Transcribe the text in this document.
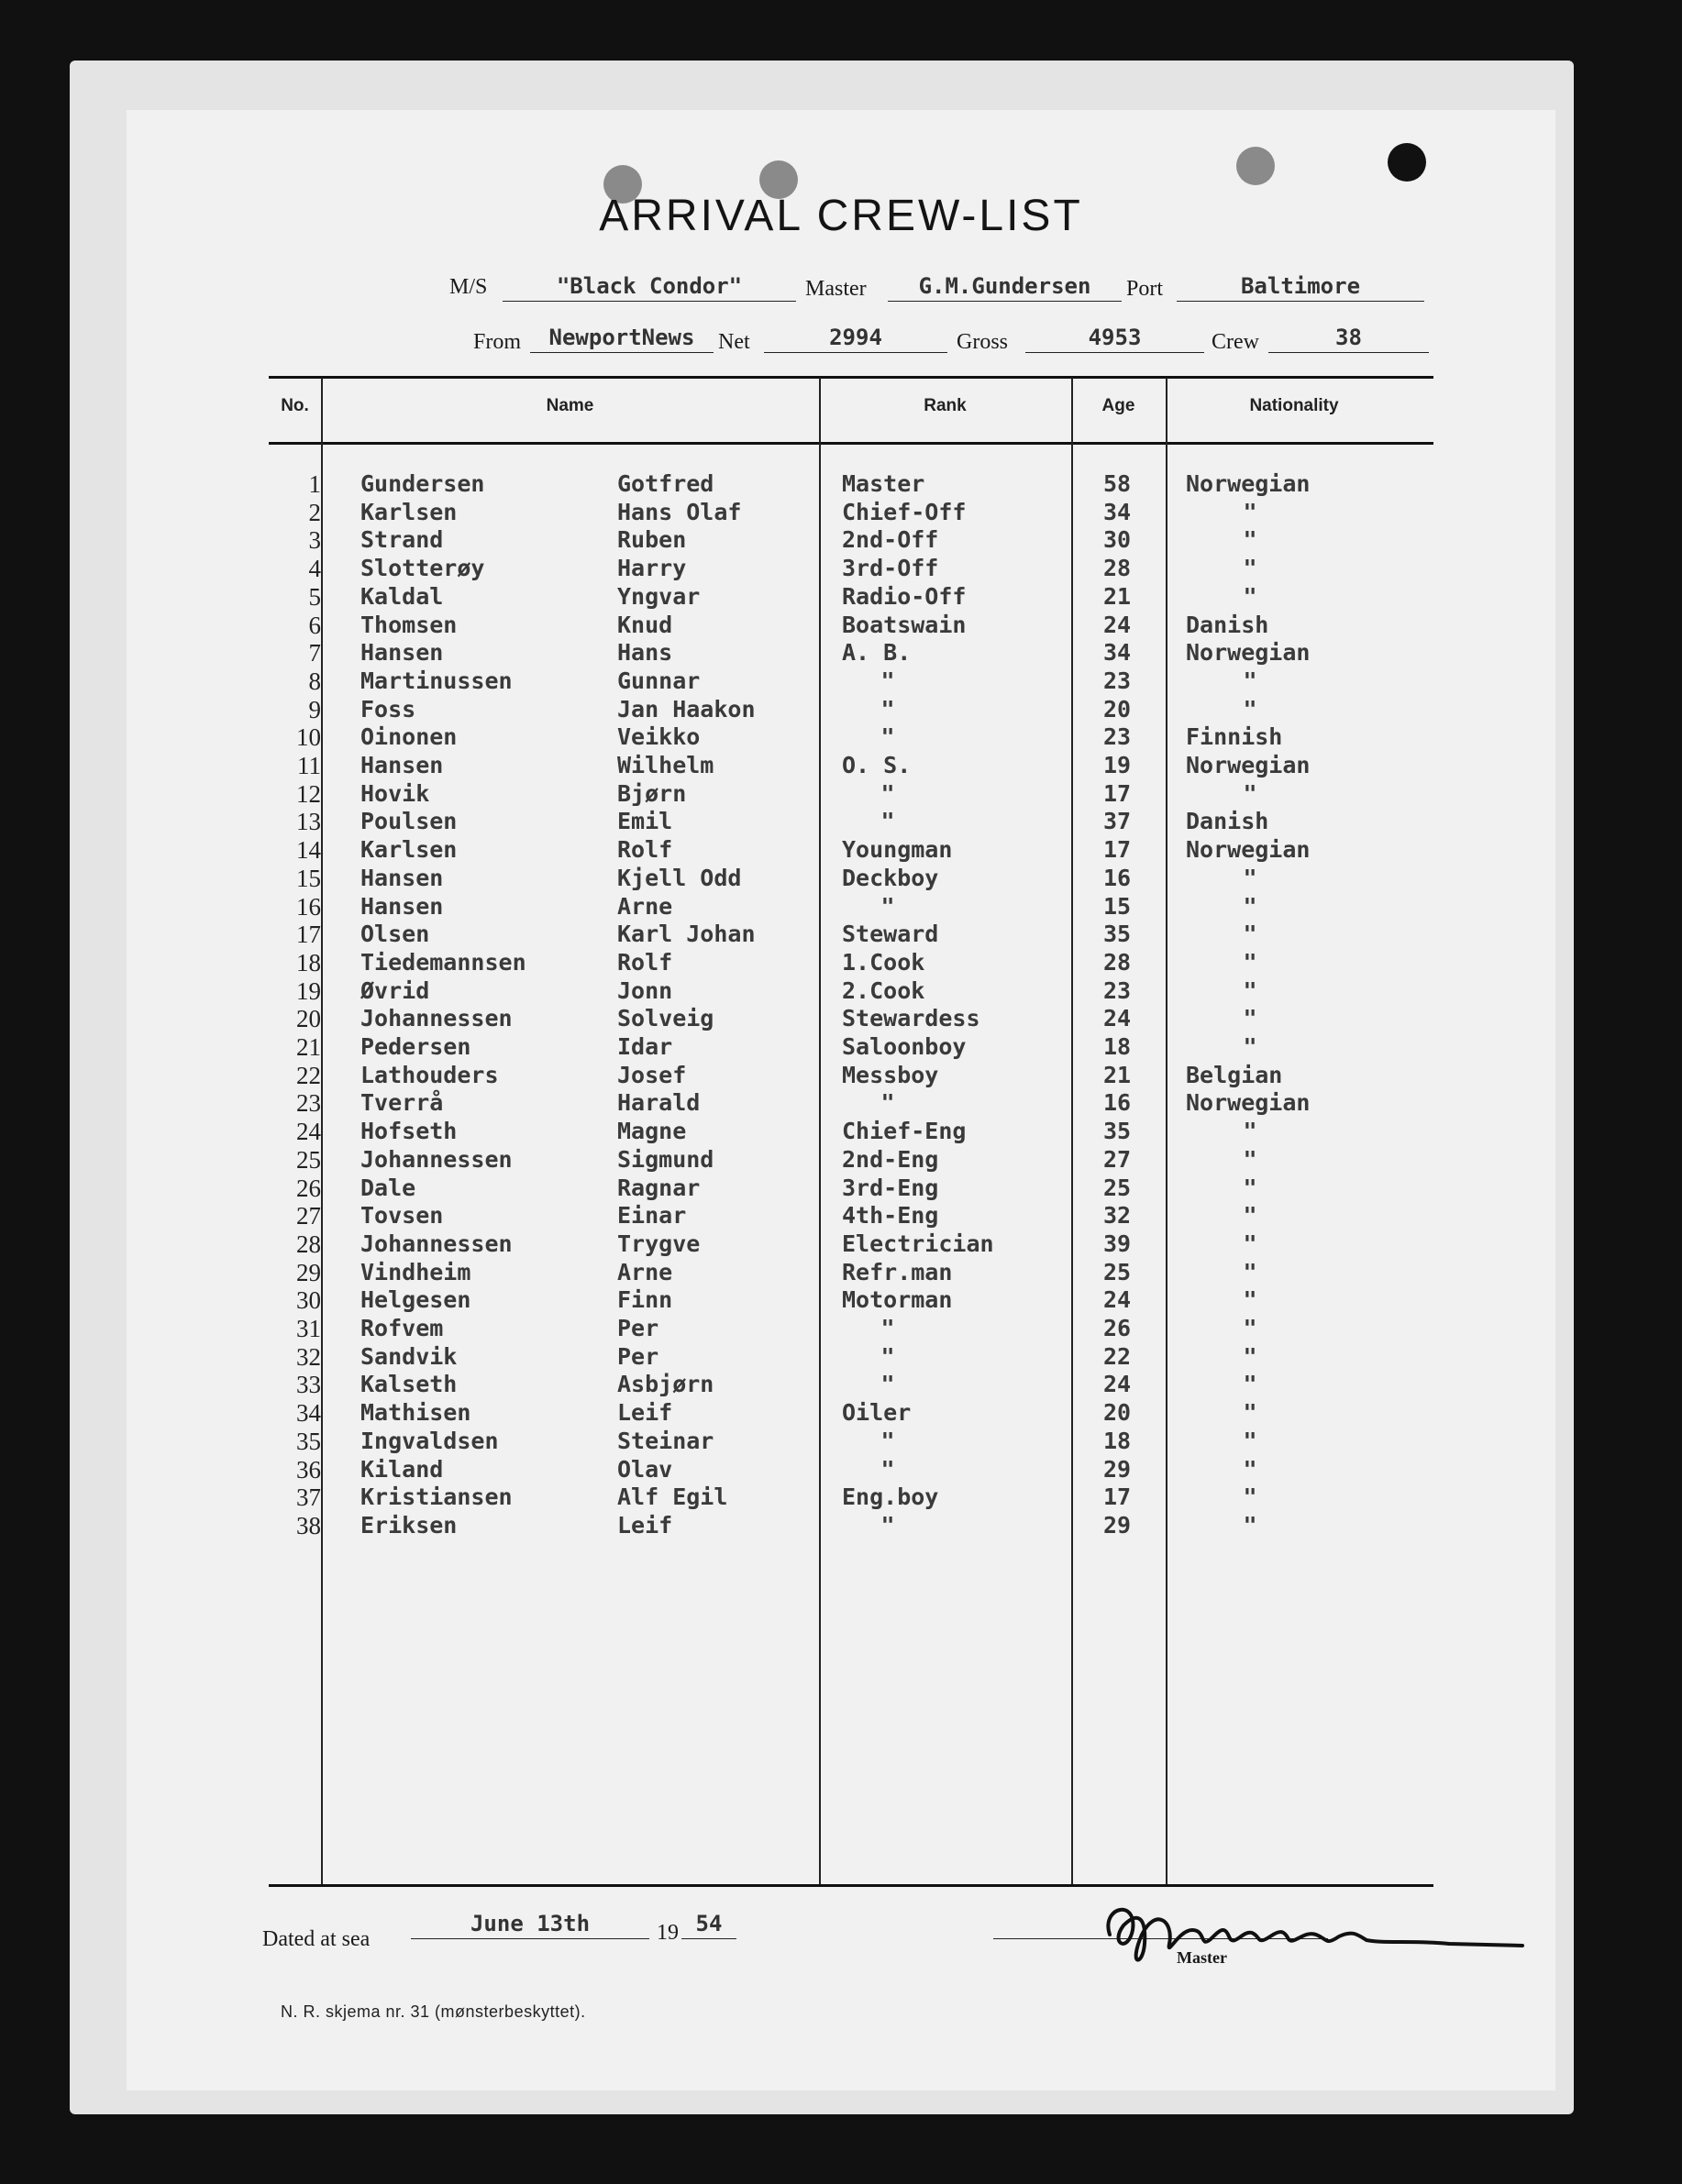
ARRIVAL CREW-LIST
M/S	"Black Condor"	Master	G.M.Gundersen	Port	Baltimore
From	NewportNews	Net	2994	Gross	4953	Crew	38
No.	Name	Rank	Age	Nationality
1 Gundersen	Gotfred	Master	58	Norwegian
2 Karlsen	Hans Olaf	Chief-Off	34	"
3 Strand	Ruben	2nd-Off	30	"
4 Slotterøy	Harry	3rd-Off	28	"
5 Kaldal	Yngvar	Radio-Off	21	"
6 Thomsen	Knud	Boatswain	24	Danish
7 Hansen	Hans	A. B.	34	Norwegian
8 Martinussen	Gunnar	"	23	"
9 Foss	Jan Haakon	"	20	"
10 Oinonen	Veikko	"	23	Finnish
11 Hansen	Wilhelm	O. S.	19	Norwegian
12 Hovik	Bjørn	"	17	"
13 Poulsen	Emil	"	37	Danish
14 Karlsen	Rolf	Youngman	17	Norwegian
15 Hansen	Kjell Odd	Deckboy	16	"
16 Hansen	Arne	"	15	"
17 Olsen	Karl Johan	Steward	35	"
18 Tiedemannsen	Rolf	1.Cook	28	"
19 Øvrid	Jonn	2.Cook	23	"
20 Johannessen	Solveig	Stewardess	24	"
21 Pedersen	Idar	Saloonboy	18	"
22 Lathouders	Josef	Messboy	21	Belgian
23 Tverrå	Harald	"	16	Norwegian
24 Hofseth	Magne	Chief-Eng	35	"
25 Johannessen	Sigmund	2nd-Eng	27	"
26 Dale	Ragnar	3rd-Eng	25	"
27 Tovsen	Einar	4th-Eng	32	"
28 Johannessen	Trygve	Electrician	39	"
29 Vindheim	Arne	Refr.man	25	"
30 Helgesen	Finn	Motorman	24	"
31 Rofvem	Per	"	26	"
32 Sandvik	Per	"	22	"
33 Kalseth	Asbjørn	"	24	"
34 Mathisen	Leif	Oiler	20	"
35 Ingvaldsen	Steinar	"	18	"
36 Kiland	Olav	"	29	"
37 Kristiansen	Alf Egil	Eng.boy	17	"
38 Eriksen	Leif	"	29	"
56
Dated at sea
June 13th	19 54
Master
N. R. skjema nr. 31 (mønsterbeskyttet).
